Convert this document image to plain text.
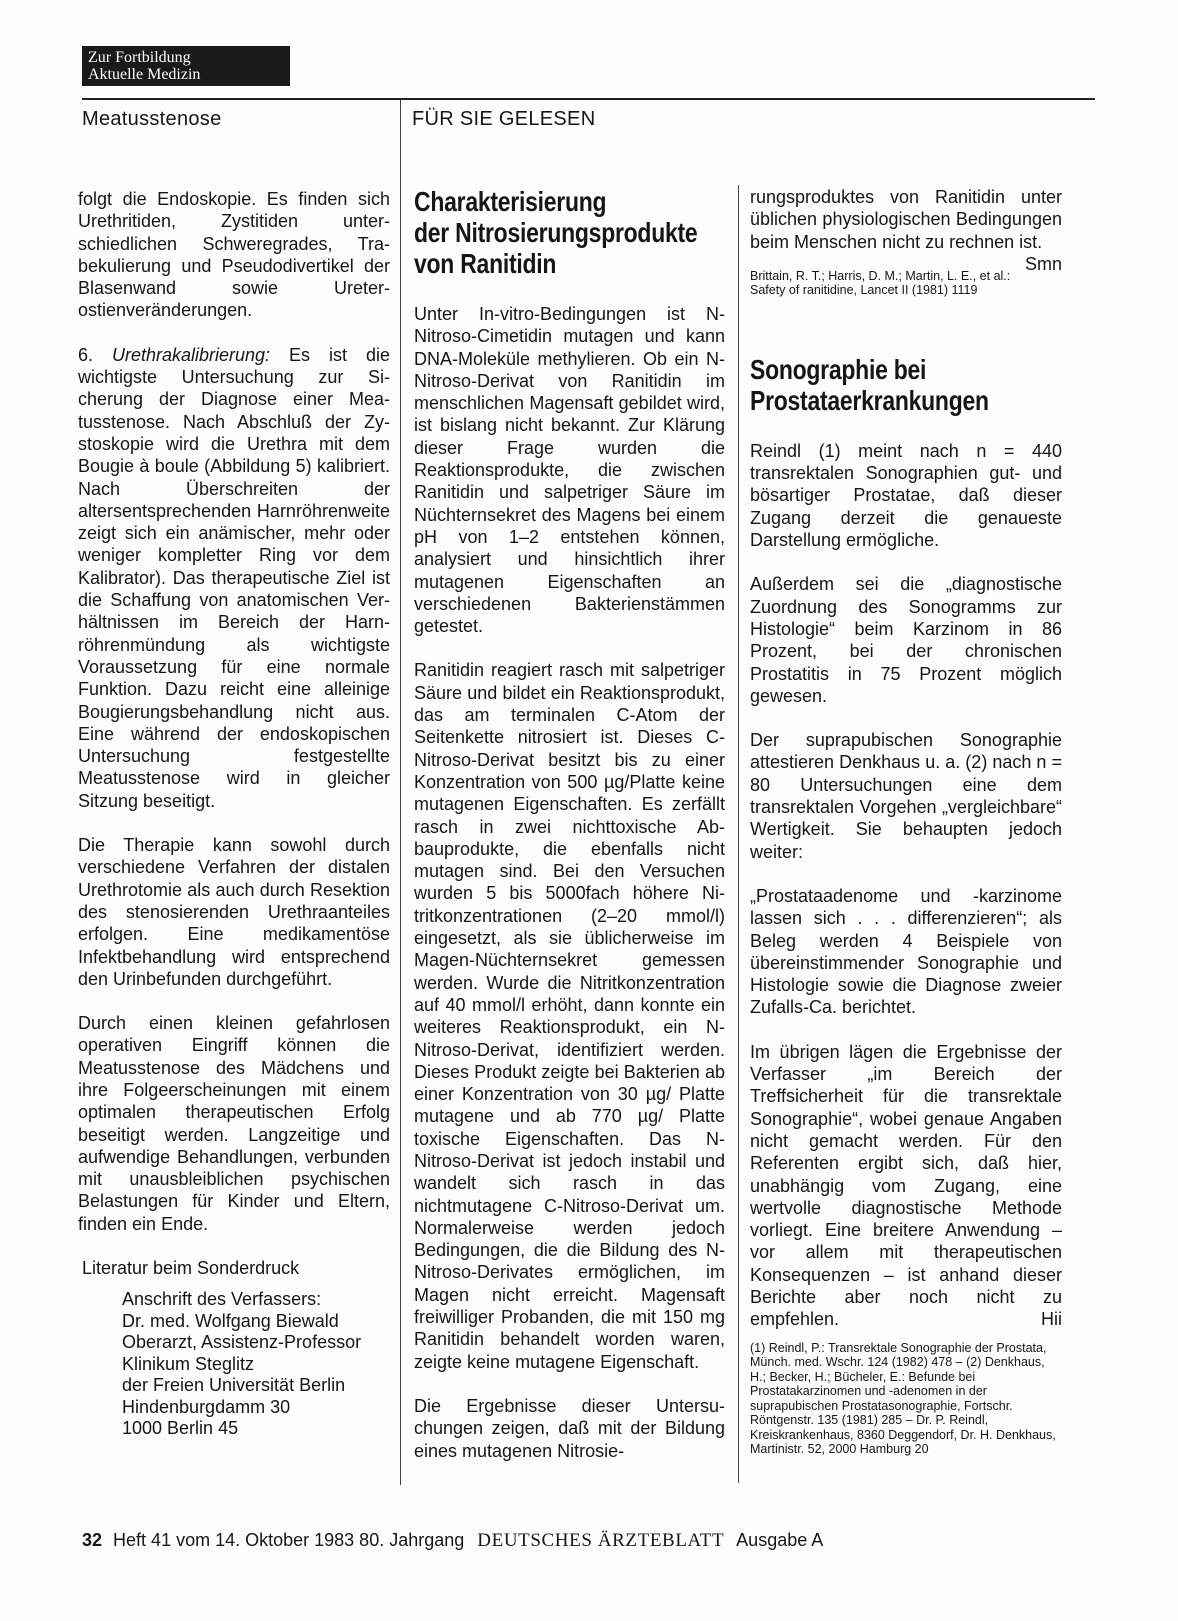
Zur Fortbildung
Aktuelle Medizin
Meatusstenose	FÜR SIE GELESEN

folgt die Endoskopie. Es finden sich Urethritiden, Zystitiden unterschiedlichen Schweregrades, Trabekulierung und Pseudodivertikel der Blasenwand sowie Ureterostienveränderungen.

6. Urethrakalibrierung: Es ist die wichtigste Untersuchung zur Sicherung der Diagnose einer Meatusstenose. Nach Abschluß der Zystoskopie wird die Urethra mit dem Bougie à boule (Abbildung 5) kalibriert. Nach Überschreiten der altersentsprechenden Harnröhrenweite zeigt sich ein anämischer, mehr oder weniger kompletter Ring vor dem Kalibrator). Das therapeutische Ziel ist die Schaffung von anatomischen Verhältnissen im Bereich der Harnröhrenmündung als wichtigste Voraussetzung für eine normale Funktion. Dazu reicht eine alleinige Bougierungsbehandlung nicht aus. Eine während der endoskopischen Untersuchung festgestellte Meatusstenose wird in gleicher Sitzung beseitigt.

Die Therapie kann sowohl durch verschiedene Verfahren der distalen Urethrotomie als auch durch Resektion des stenosierenden Urethraanteiles erfolgen. Eine medikamentöse Infektbehandlung wird entsprechend den Urinbefunden durchgeführt.

Durch einen kleinen gefahrlosen operativen Eingriff können die Meatusstenose des Mädchens und ihre Folgeerscheinungen mit einem optimalen therapeutischen Erfolg beseitigt werden. Langzeitige und aufwendige Behandlungen, verbunden mit unausbleiblichen psychischen Belastungen für Kinder und Eltern, finden ein Ende.

Literatur beim Sonderdruck

Anschrift des Verfassers:
Dr. med. Wolfgang Biewald
Oberarzt, Assistenz-Professor
Klinikum Steglitz
der Freien Universität Berlin
Hindenburgdamm 30
1000 Berlin 45
Charakterisierung
der Nitrosierungsprodukte
von Ranitidin

Unter In-vitro-Bedingungen ist N-Nitroso-Cimetidin mutagen und kann DNA-Moleküle methylieren. Ob ein N-Nitroso-Derivat von Ranitidin im menschlichen Magensaft gebildet wird, ist bislang nicht bekannt. Zur Klärung dieser Frage wurden die Reaktionsprodukte, die zwischen Ranitidin und salpetriger Säure im Nüchternsekret des Magens bei einem pH von 1–2 entstehen können, analysiert und hinsichtlich ihrer mutagenen Eigenschaften an verschiedenen Bakterienstämmen getestet.

Ranitidin reagiert rasch mit salpetriger Säure und bildet ein Reaktionsprodukt, das am terminalen C-Atom der Seitenkette nitrosiert ist. Dieses C-Nitroso-Derivat besitzt bis zu einer Konzentration von 500 µg/Platte keine mutagenen Eigenschaften. Es zerfällt rasch in zwei nichttoxische Abbauprodukte, die ebenfalls nicht mutagen sind. Bei den Versuchen wurden 5 bis 5000fach höhere Nitritkonzentrationen (2–20 mmol/l) eingesetzt, als sie üblicherweise im Magen-Nüchternsekret gemessen werden. Wurde die Nitritkonzentration auf 40 mmol/l erhöht, dann konnte ein weiteres Reaktionsprodukt, ein N-Nitroso-Derivat, identifiziert werden. Dieses Produkt zeigte bei Bakterien ab einer Konzentration von 30 µg/ Platte mutagene und ab 770 µg/ Platte toxische Eigenschaften. Das N-Nitroso-Derivat ist jedoch instabil und wandelt sich rasch in das nichtmutagene C-Nitroso-Derivat um. Normalerweise werden jedoch Bedingungen, die die Bildung des N-Nitroso-Derivates ermöglichen, im Magen nicht erreicht. Magensaft freiwilliger Probanden, die mit 150 mg Ranitidin behandelt worden waren, zeigte keine mutagene Eigenschaft.

Die Ergebnisse dieser Untersuchungen zeigen, daß mit der Bildung eines mutagenen Nitrosie-

rungsproduktes von Ranitidin unter üblichen physiologischen Bedingungen beim Menschen nicht zu rechnen ist.
Smn

Brittain, R. T.; Harris, D. M.; Martin, L. E., et al.: Safety of ranitidine, Lancet II (1981) 1119
Sonographie bei
Prostataerkrankungen

Reindl (1) meint nach n = 440 transrektalen Sonographien gut- und bösartiger Prostatae, daß dieser Zugang derzeit die genaueste Darstellung ermögliche.

Außerdem sei die „diagnostische Zuordnung des Sonogramms zur Histologie“ beim Karzinom in 86 Prozent, bei der chronischen Prostatitis in 75 Prozent möglich gewesen.

Der suprapubischen Sonographie attestieren Denkhaus u. a. (2) nach n = 80 Untersuchungen eine dem transrektalen Vorgehen „vergleichbare“ Wertigkeit. Sie behaupten jedoch weiter:

„Prostataadenome und -karzinome lassen sich . . . differenzieren“; als Beleg werden 4 Beispiele von übereinstimmender Sonographie und Histologie sowie die Diagnose zweier Zufalls-Ca. berichtet.

Im übrigen lägen die Ergebnisse der Verfasser „im Bereich der Treffsicherheit für die transrektale Sonographie“, wobei genaue Angaben nicht gemacht werden. Für den Referenten ergibt sich, daß hier, unabhängig vom Zugang, eine wertvolle diagnostische Methode vorliegt. Eine breitere Anwendung – vor allem mit therapeutischen Konsequenzen – ist anhand dieser Berichte aber noch nicht zu empfehlen.	Hii

(1) Reindl, P.: Transrektale Sonographie der Prostata, Münch. med. Wschr. 124 (1982) 478 – (2) Denkhaus, H.; Becker, H.; Bücheler, E.: Befunde bei Prostatakarzinomen und -adenomen in der suprapubischen Prostatasonographie, Fortschr. Röntgenstr. 135 (1981) 285 – Dr. P. Reindl, Kreiskrankenhaus, 8360 Deggendorf, Dr. H. Denkhaus, Martinistr. 52, 2000 Hamburg 20
32 Heft 41 vom 14. Oktober 1983 80. Jahrgang DEUTSCHES ÄRZTEBLATT Ausgabe A
